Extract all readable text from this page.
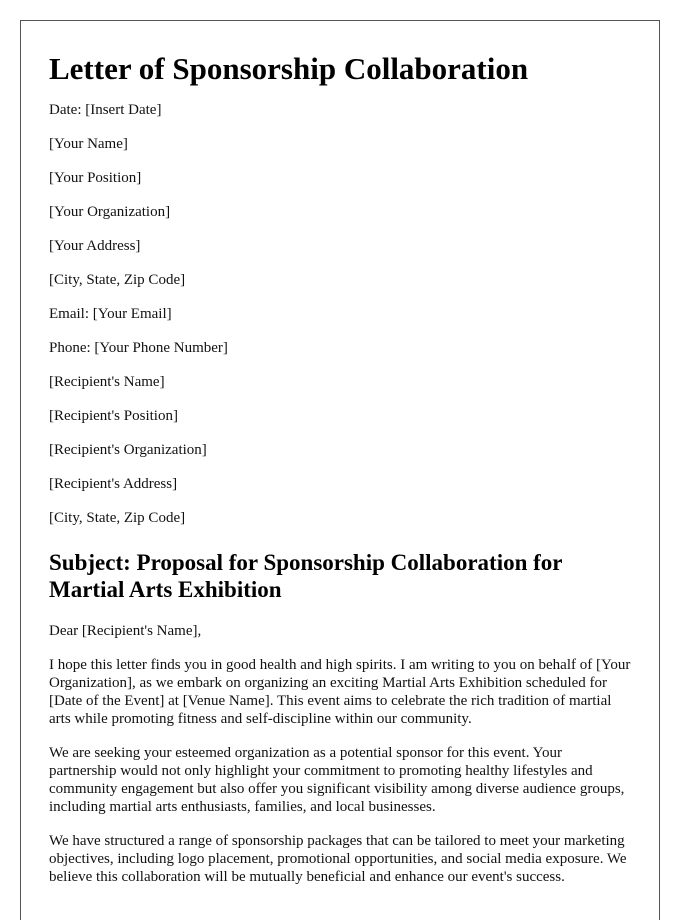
Letter of Sponsorship Collaboration
Date: [Insert Date]
[Your Name]
[Your Position]
[Your Organization]
[Your Address]
[City, State, Zip Code]
Email: [Your Email]
Phone: [Your Phone Number]
[Recipient's Name]
[Recipient's Position]
[Recipient's Organization]
[Recipient's Address]
[City, State, Zip Code]
Subject: Proposal for Sponsorship Collaboration for Martial Arts Exhibition
Dear [Recipient's Name],

I hope this letter finds you in good health and high spirits. I am writing to you on behalf of [Your Organization], as we embark on organizing an exciting Martial Arts Exhibition scheduled for [Date of the Event] at [Venue Name]. This event aims to celebrate the rich tradition of martial arts while promoting fitness and self-discipline within our community.

We are seeking your esteemed organization as a potential sponsor for this event. Your partnership would not only highlight your commitment to promoting healthy lifestyles and community engagement but also offer you significant visibility among diverse audience groups, including martial arts enthusiasts, families, and local businesses.

We have structured a range of sponsorship packages that can be tailored to meet your marketing objectives, including logo placement, promotional opportunities, and social media exposure. We believe this collaboration will be mutually beneficial and enhance our event's success.
